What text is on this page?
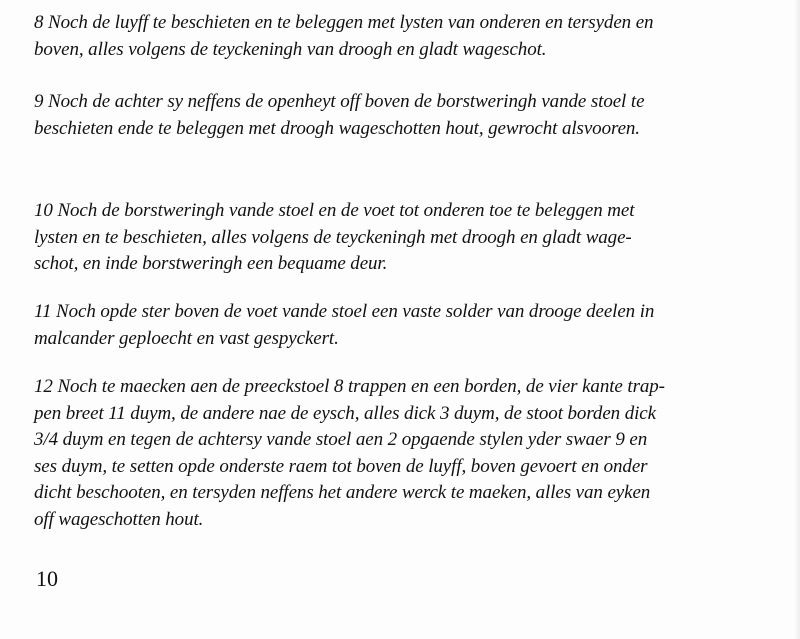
8 Noch de luyff te beschieten en te beleggen met lysten van onderen en tersyden en
boven, alles volgens de teyckeningh van droogh en gladt wageschot.

9 Noch de achter sy neffens de openheyt off boven de borstweringh vande stoel te
beschieten ende te beleggen met droogh wageschotten hout, gewrocht alsvooren.

10 Noch de borstweringh vande stoel en de voet tot onderen toe te beleggen met
lysten en te beschieten, alles volgens de teyckeningh met droogh en gladt wage-
schot, en inde borstweringh een bequame deur.

11 Noch opde ster boven de voet vande stoel een vaste solder van drooge deelen in
malcander geploecht en vast gespyckert.

12 Noch te maecken aen de preeckstoel 8 trappen en een borden, de vier kante trap-
pen breet 11 duym, de andere nae de eysch, alles dick 3 duym, de stoot borden dick
3/4 duym en tegen de achtersy vande stoel aen 2 opgaende stylen yder swaer 9 en
ses duym, te setten opde onderste raem tot boven de luyff, boven gevoert en onder
dicht beschooten, en tersyden neffens het andere werck te maeken, alles van eyken
off wageschotten hout.

10
